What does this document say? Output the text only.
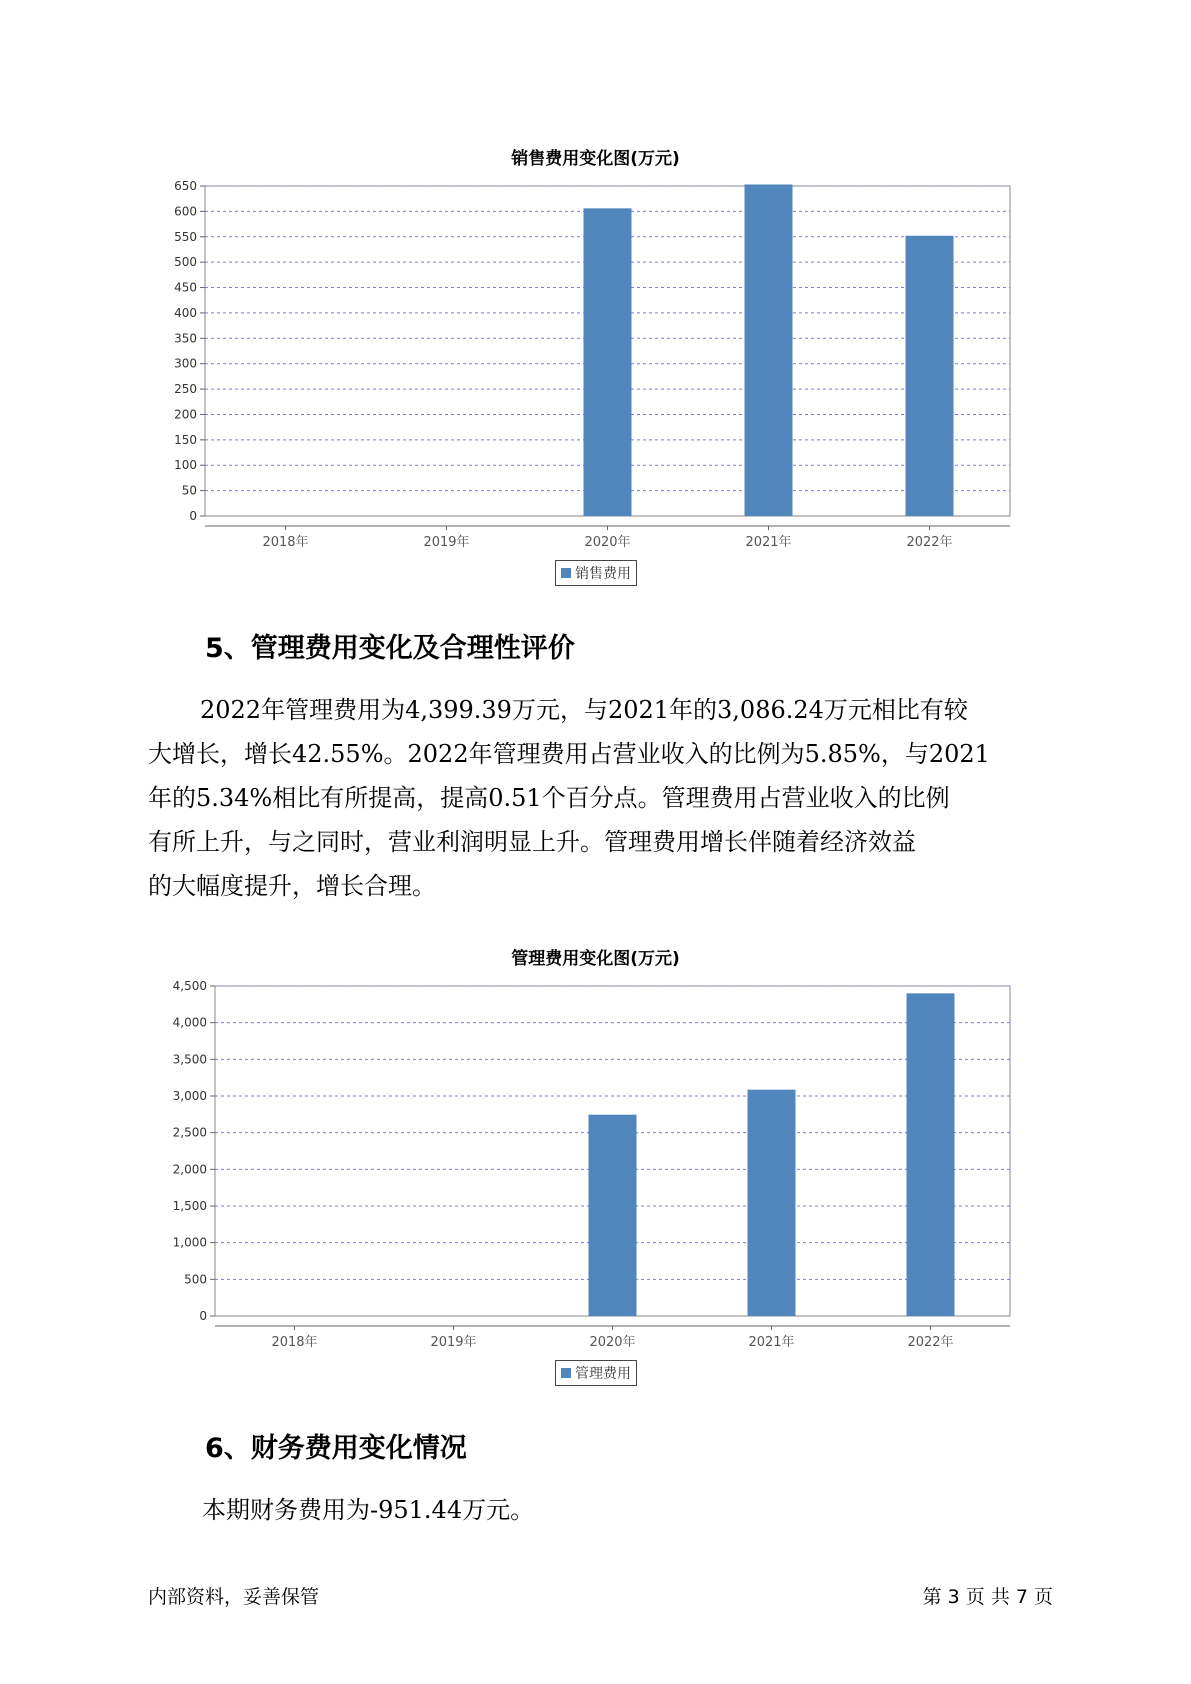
销售费用变化图(万元)
0
50
100
150
200
250
300
350
400
450
500
550
600
650
2018年	2019年	2020年	2021年	2022年
销售费用
5、管理费用变化及合理性评价
2022年管理费用为4,399.39万元，与2021年的3,086.24万元相比有较
大增长，增长42.55%。2022年管理费用占营业收入的比例为5.85%，与2021
年的5.34%相比有所提高，提高0.51个百分点。管理费用占营业收入的比例
有所上升，与之同时，营业利润明显上升。管理费用增长伴随着经济效益
的大幅度提升，增长合理。
管理费用变化图(万元)
0
500
1,000
1,500
2,000
2,500
3,000
3,500
4,000
4,500
2018年	2019年	2020年	2021年	2022年
管理费用
6、财务费用变化情况
本期财务费用为-951.44万元。
内部资料，妥善保管	第 3 页 共 7 页
